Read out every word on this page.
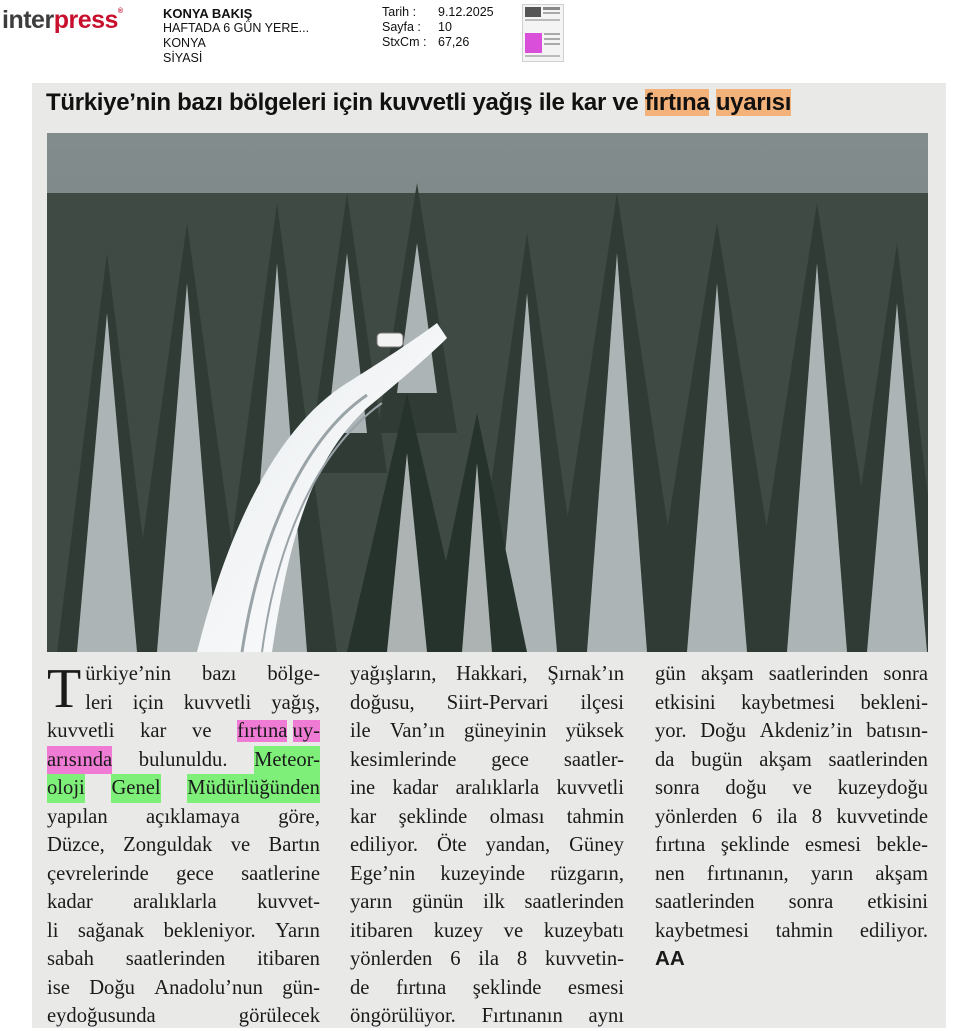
interpress®	KONYA BAKIŞ
HAFTADA 6 GÜN YERE...
KONYA
SİYASİ
Tarih :	9.12.2025
Sayfa :	10
StxCm : 67,26
Türkiye’nin bazı bölgeleri için kuvvetli yağış ile kar ve fırtına uyarısı
T ürkiye’nin bazı bölge-
leri için kuvvetli yağış,
kuvvetli kar ve fırtına uy-
arısında bulunuldu. Meteor-
oloji Genel Müdürlüğünden
yapılan açıklamaya göre,
Düzce, Zonguldak ve Bartın
çevrelerinde gece saatlerine
kadar aralıklarla kuvvet-
li sağanak bekleniyor. Yarın
sabah saatlerinden itibaren
ise Doğu Anadolu’nun gün-
eydoğusunda	görülecek
yağışların, Hakkari, Şırnak’ın
doğusu, Siirt-Pervari ilçesi
ile Van’ın güneyinin yüksek
kesimlerinde gece saatler-
ine kadar aralıklarla kuvvetli
kar şeklinde olması tahmin
ediliyor. Öte yandan, Güney
Ege’nin kuzeyinde rüzgarın,
yarın günün ilk saatlerinden
itibaren kuzey ve kuzeybatı
yönlerden 6 ila 8 kuvvetin-
de fırtına şeklinde esmesi
öngörülüyor. Fırtınanın aynı
gün akşam saatlerinden sonra
etkisini kaybetmesi bekleni-
yor. Doğu Akdeniz’in batısın-
da bugün akşam saatlerinden
sonra doğu ve kuzeydoğu
yönlerden 6 ila 8 kuvvetinde
fırtına şeklinde esmesi bekle-
nen fırtınanın, yarın akşam
saatlerinden sonra etkisini
kaybetmesi tahmin ediliyor.
AA
